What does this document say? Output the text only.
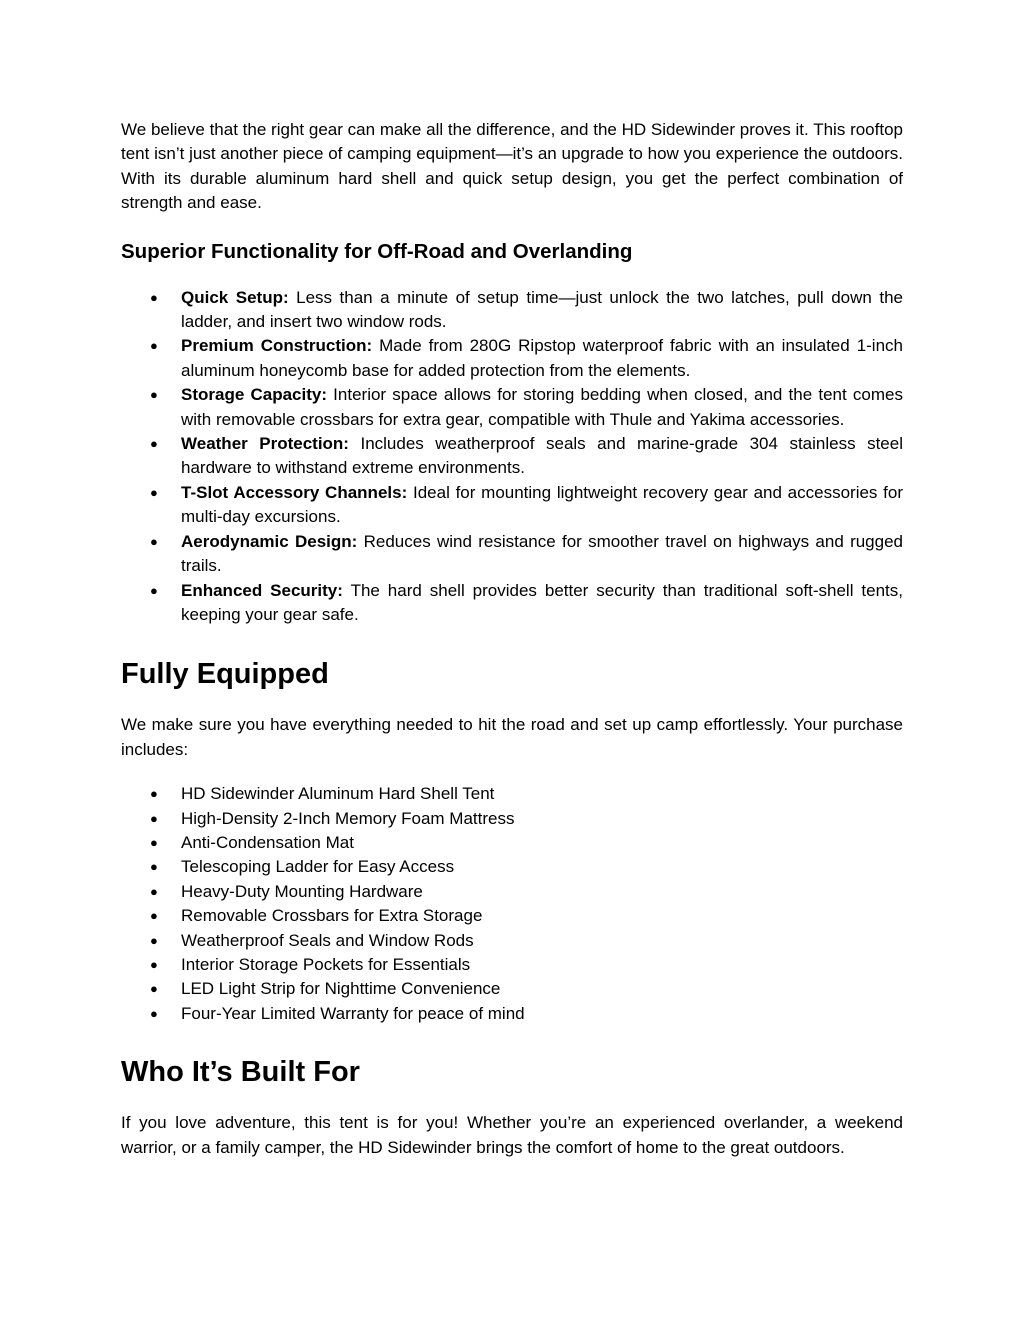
We believe that the right gear can make all the difference, and the HD Sidewinder proves it. This rooftop tent isn’t just another piece of camping equipment—it’s an upgrade to how you experience the outdoors. With its durable aluminum hard shell and quick setup design, you get the perfect combination of strength and ease.

Superior Functionality for Off-Road and Overlanding
● Quick Setup: Less than a minute of setup time—just unlock the two latches, pull down the ladder, and insert two window rods.
● Premium Construction: Made from 280G Ripstop waterproof fabric with an insulated 1-inch aluminum honeycomb base for added protection from the elements.
● Storage Capacity: Interior space allows for storing bedding when closed, and the tent comes with removable crossbars for extra gear, compatible with Thule and Yakima accessories.
● Weather Protection: Includes weatherproof seals and marine-grade 304 stainless steel hardware to withstand extreme environments.
● T-Slot Accessory Channels: Ideal for mounting lightweight recovery gear and accessories for multi-day excursions.
● Aerodynamic Design: Reduces wind resistance for smoother travel on highways and rugged trails.
● Enhanced Security: The hard shell provides better security than traditional soft-shell tents, keeping your gear safe.
Fully Equipped

We make sure you have everything needed to hit the road and set up camp effortlessly. Your purchase includes:

● HD Sidewinder Aluminum Hard Shell Tent
● High-Density 2-Inch Memory Foam Mattress
● Anti-Condensation Mat
● Telescoping Ladder for Easy Access
● Heavy-Duty Mounting Hardware
● Removable Crossbars for Extra Storage
● Weatherproof Seals and Window Rods
● Interior Storage Pockets for Essentials
● LED Light Strip for Nighttime Convenience
● Four-Year Limited Warranty for peace of mind
Who It’s Built For

If you love adventure, this tent is for you! Whether you’re an experienced overlander, a weekend warrior, or a family camper, the HD Sidewinder brings the comfort of home to the great outdoors.
